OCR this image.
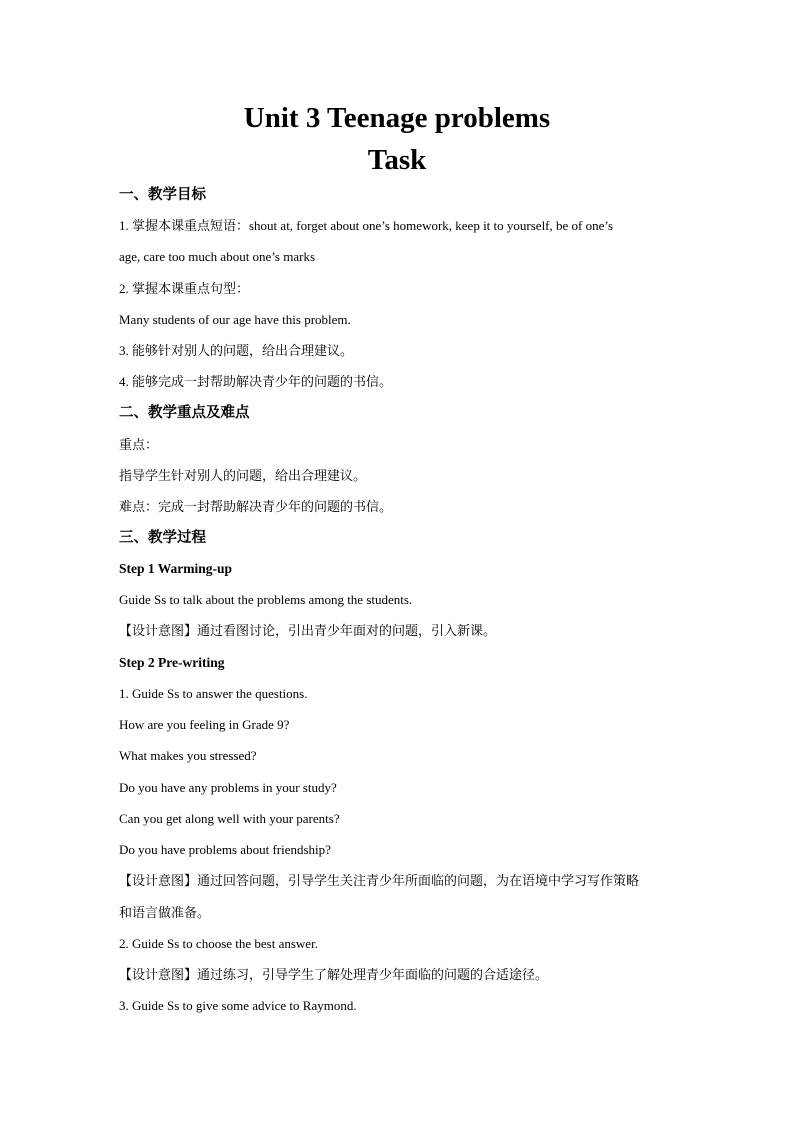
Unit 3 Teenage problems
Task
一、教学目标
1. 掌握本课重点短语：shout at, forget about one’s homework, keep it to yourself, be of one’s
age, care too much about one’s marks
2. 掌握本课重点句型：
Many students of our age have this problem.
3. 能够针对别人的问题，给出合理建议。
4. 能够完成一封帮助解决青少年的问题的书信。
二、教学重点及难点
重点：
指导学生针对别人的问题，给出合理建议。
难点：完成一封帮助解决青少年的问题的书信。
三、教学过程
Step 1 Warming-up
Guide Ss to talk about the problems among the students.
【设计意图】通过看图讨论，引出青少年面对的问题，引入新课。
Step 2 Pre-writing
1. Guide Ss to answer the questions.
How are you feeling in Grade 9?
What makes you stressed?
Do you have any problems in your study?
Can you get along well with your parents?
Do you have problems about friendship?
【设计意图】通过回答问题，引导学生关注青少年所面临的问题，为在语境中学习写作策略
和语言做准备。
2. Guide Ss to choose the best answer.
【设计意图】通过练习，引导学生了解处理青少年面临的问题的合适途径。
3. Guide Ss to give some advice to Raymond.
